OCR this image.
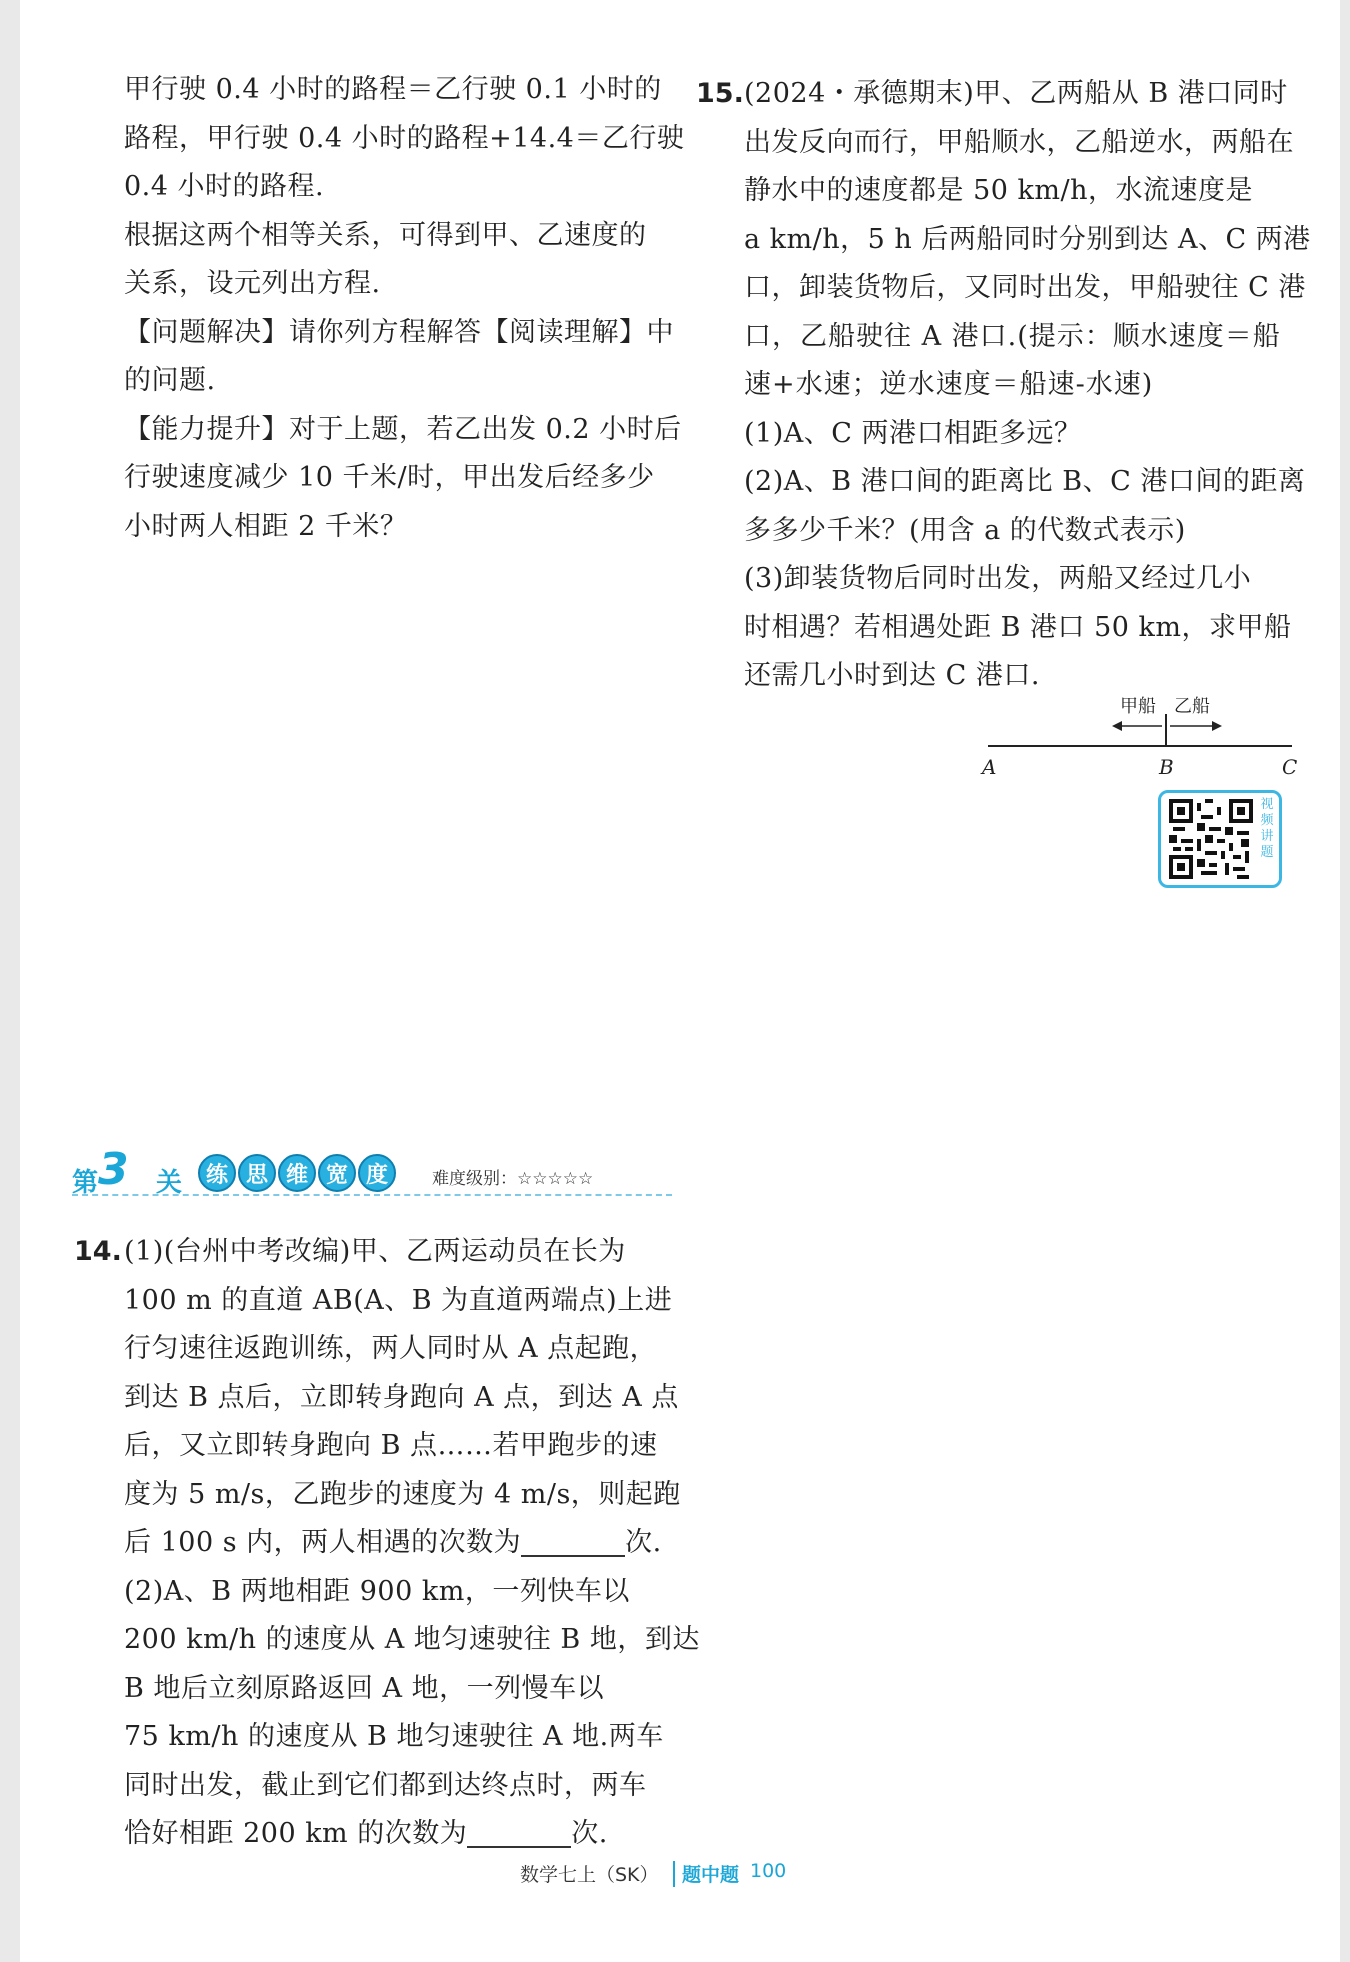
甲行驶 0.4 小时的路程＝乙行驶 0.1 小时的
路程，甲行驶 0.4 小时的路程+14.4＝乙行驶
0.4 小时的路程.
根据这两个相等关系，可得到甲、乙速度的
关系，设元列出方程.
【问题解决】请你列方程解答【阅读理解】中
的问题.
【能力提升】对于上题，若乙出发 0.2 小时后
行驶速度减少 10 千米/时，甲出发后经多少
小时两人相距 2 千米？
15. (2024・承德期末)甲、乙两船从 B 港口同时
出发反向而行，甲船顺水，乙船逆水，两船在
静水中的速度都是 50 km/h，水流速度是
a km/h，5 h 后两船同时分别到达 A、C 两港
口，卸装货物后，又同时出发，甲船驶往 C 港
口，乙船驶往 A 港口.(提示：顺水速度＝船
速+水速；逆水速度＝船速-水速)
(1)A、C 两港口相距多远？
(2)A、B 港口间的距离比 B、C 港口间的距离
多多少千米？(用含 a 的代数式表示)
(3)卸装货物后同时出发，两船又经过几小
时相遇？若相遇处距 B 港口 50 km，求甲船
还需几小时到达 C 港口.
甲船 乙船
A	B	C
视
频
讲
题
第 3 关	练 思 维 宽 度	难度级别：☆☆☆☆☆
14. (1)(台州中考改编)甲、乙两运动员在长为
100 m 的直道 AB(A、B 为直道两端点)上进
行匀速往返跑训练，两人同时从 A 点起跑，
到达 B 点后，立即转身跑向 A 点，到达 A 点
后，又立即转身跑向 B 点……若甲跑步的速
度为 5 m/s，乙跑步的速度为 4 m/s，则起跑
后 100 s 内，两人相遇的次数为	次.
(2)A、B 两地相距 900 km，一列快车以
200 km/h 的速度从 A 地匀速驶往 B 地，到达
B 地后立刻原路返回 A 地，一列慢车以
75 km/h 的速度从 B 地匀速驶往 A 地.两车
同时出发，截止到它们都到达终点时，两车
恰好相距 200 km 的次数为	次.
数学七上（SK） 题中题 100
